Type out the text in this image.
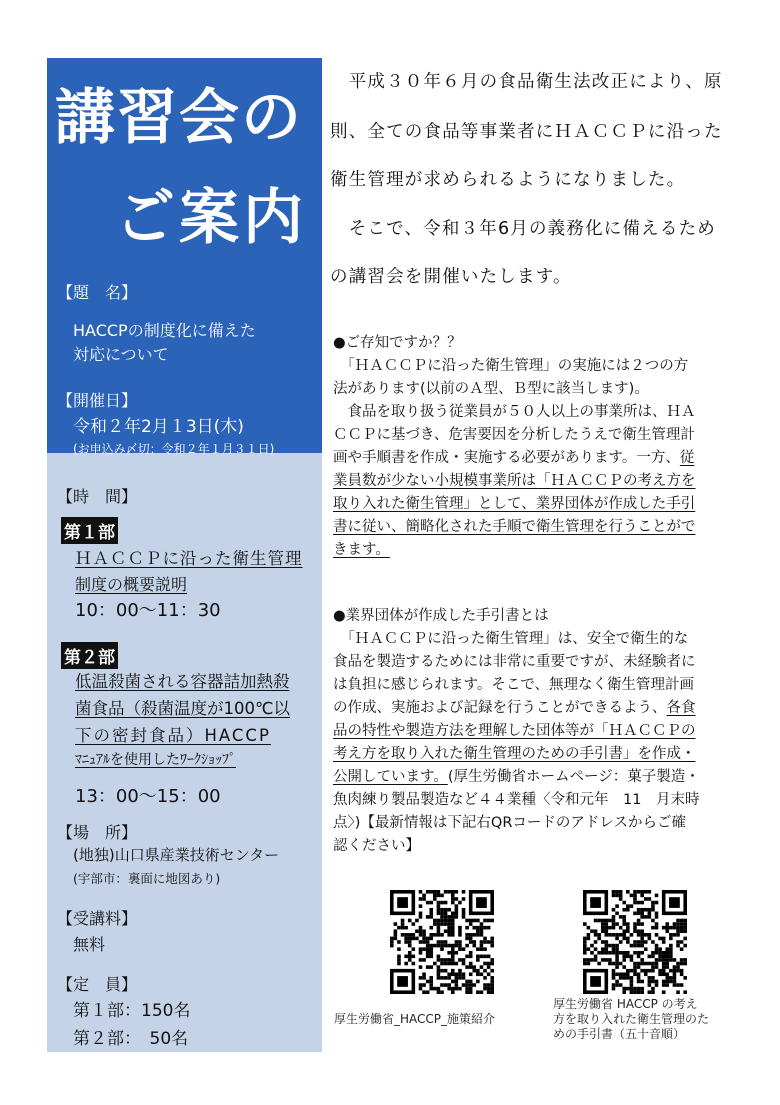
講習会の
ご案内
【題　名】
HACCPの制度化に備えた
対応について
【開催日】
令和２年2月１3日(木)
(お申込み〆切：令和２年１月３１日)
【時　間】
第１部
ＨＡＣＣＰに沿った衛生管理
制度の概要説明
10：00～11：30
第２部
低温殺菌される容器詰加熱殺
菌食品（殺菌温度が100℃以
下の密封食品）HACCP
ﾏﾆｭｱﾙを使用したﾜｰｸｼｮｯﾌﾟ
13：00～15：00
【場　所】
(地独)山口県産業技術センター
(宇部市：裏面に地図あり)
【受講料】
無料
【定　員】
第１部：150名
第２部：　50名
　平成３０年６月の食品衛生法改正により、原
則、全ての食品等事業者にＨＡＣＣＰに沿った
衛生管理が求められるようになりました。
　そこで、令和３年6月の義務化に備えるため
の講習会を開催いたします。
●ご存知ですか？？
　「ＨＡＣＣＰに沿った衛生管理」の実施には２つの方
法があります(以前のＡ型、Ｂ型に該当します)。
　食品を取り扱う従業員が５０人以上の事業所は、ＨＡ
ＣＣＰに基づき、危害要因を分析したうえで衛生管理計
画や手順書を作成・実施する必要があります。一方、従
業員数が少ない小規模事業所は「ＨＡＣＣＰの考え方を
取り入れた衛生管理」として、業界団体が作成した手引
書に従い、簡略化された手順で衛生管理を行うことがで
きます。
●業界団体が作成した手引書とは
　「ＨＡＣＣＰに沿った衛生管理」は、安全で衛生的な
食品を製造するためには非常に重要ですが、未経験者に
は負担に感じられます。そこで、無理なく衛生管理計画
の作成、実施および記録を行うことができるよう、各食
品の特性や製造方法を理解した団体等が「ＨＡＣＣＰの
考え方を取り入れた衛生管理のための手引書」を作成・
公開しています。(厚生労働省ホームページ：菓子製造・
魚肉練り製品製造など４４業種〈令和元年　11　月末時
点〉)【最新情報は下記右QRコードのアドレスからご確
認ください】
厚生労働省_HACCP_施策紹介
厚生労働省 HACCP の考え
方を取り入れた衛生管理のた
めの手引書（五十音順）
